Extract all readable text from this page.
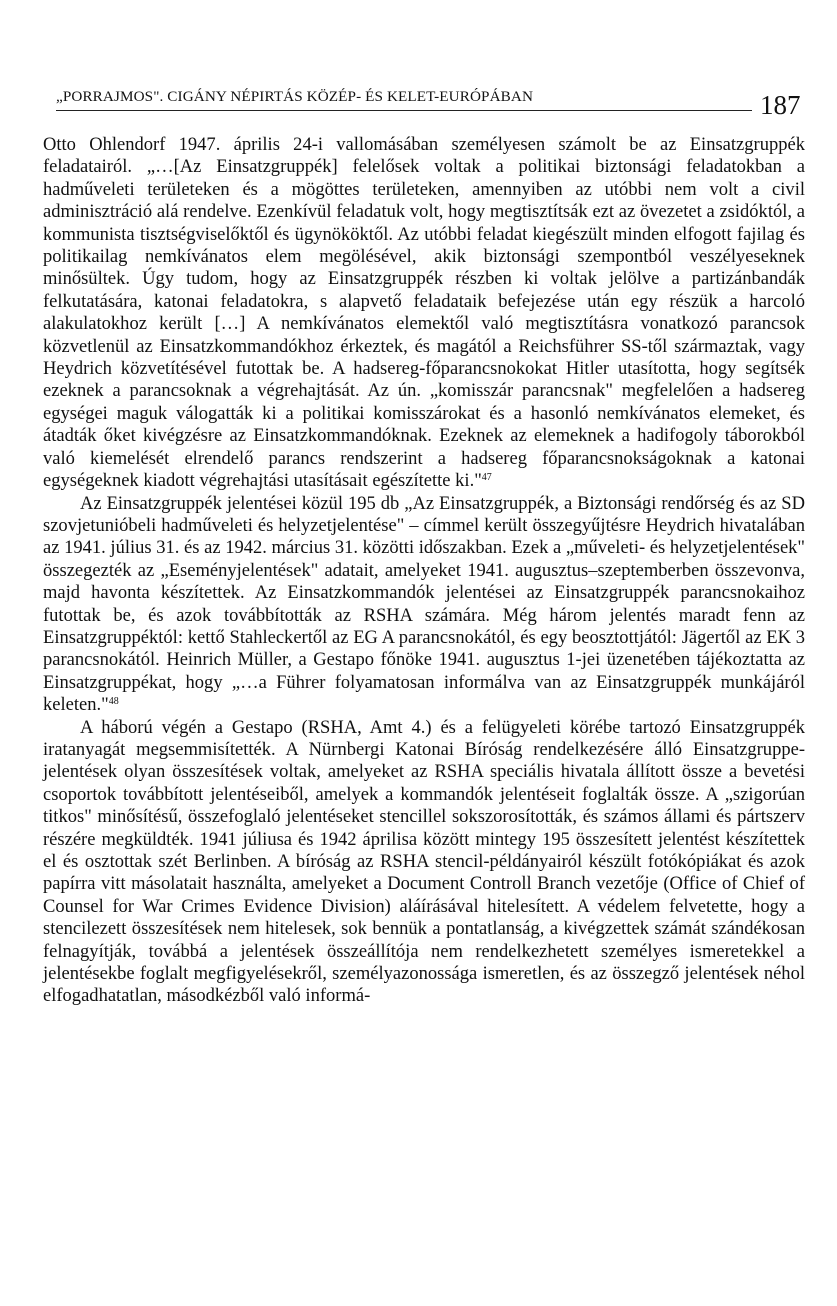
„PORRAJMOS". CIGÁNY NÉPIRTÁS KÖZÉP- ÉS KELET-EURÓPÁBAN	187

Otto Ohlendorf 1947. április 24-i vallomásában személyesen számolt be az Einsatzgruppék feladatairól. „…[Az Einsatzgruppék] felelősek voltak a politikai biztonsági feladatokban a hadműveleti területeken és a mögöttes területeken, amennyiben az utóbbi nem volt a civil adminisztráció alá rendelve. Ezenkívül feladatuk volt, hogy megtisztítsák ezt az övezetet a zsidóktól, a kommunista tisztségviselőktől és ügynököktől. Az utóbbi feladat kiegészült minden elfogott fajilag és politikailag nemkívánatos elem megölésével, akik biztonsági szempontból veszélyeseknek minősültek. Úgy tudom, hogy az Einsatzgruppék részben ki voltak jelölve a partizánbandák felkutatására, katonai feladatokra, s alapvető feladataik befejezése után egy részük a harcoló alakulatokhoz került […] A nemkívánatos elemektől való megtisztításra vonatkozó parancsok közvetlenül az Einsatzkommandókhoz érkeztek, és magától a Reichsführer SS-től származtak, vagy Heydrich közvetítésével futottak be. A hadsereg-főparancsnokokat Hitler utasította, hogy segítsék ezeknek a parancsoknak a végrehajtását. Az ún. „komisszár parancsnak" megfelelően a hadsereg egységei maguk válogatták ki a politikai komisszárokat és a hasonló nemkívánatos elemeket, és átadták őket kivégzésre az Einsatzkommandóknak. Ezeknek az elemeknek a hadifogoly táborokból való kiemelését elrendelő parancs rendszerint a hadsereg főparancsnokságoknak a katonai egységeknek kiadott végrehajtási utasításait egészítette ki."$^{47}$

Az Einsatzgruppék jelentései közül 195 db „Az Einsatzgruppék, a Biztonsági rendőrség és az SD szovjetunióbeli hadműveleti és helyzetjelentése" – címmel került összegyűjtésre Heydrich hivatalában az 1941. július 31. és az 1942. március 31. közötti időszakban. Ezek a „műveleti- és helyzetjelentések" összegezték az „Eseményjelentések" adatait, amelyeket 1941. augusztus–szeptemberben összevonva, majd havonta készítettek. Az Einsatzkommandók jelentései az Einsatzgruppék parancsnokaihoz futottak be, és azok továbbították az RSHA számára. Még három jelentés maradt fenn az Einsatzgruppéktól: kettő Stahleckertől az EG A parancsnokától, és egy beosztottjától: Jägertől az EK 3 parancsnokától. Heinrich Müller, a Gestapo főnöke 1941. augusztus 1-jei üzenetében tájékoztatta az Einsatzgruppékat, hogy „…a Führer folyamatosan informálva van az Einsatzgruppék munkájáról keleten."$^{48}$

A háború végén a Gestapo (RSHA, Amt 4.) és a felügyeleti körébe tartozó Einsatzgruppék iratanyagát megsemmisítették. A Nürnbergi Katonai Bíróság rendelkezésére álló Einsatzgruppe-jelentések olyan összesítések voltak, amelyeket az RSHA speciális hivatala állított össze a bevetési csoportok továbbított jelentéseiből, amelyek a kommandók jelentéseit foglalták össze. A „szigorúan titkos" minősítésű, összefoglaló jelentéseket stencillel sokszorosították, és számos állami és pártszerv részére megküldték. 1941 júliusa és 1942 áprilisa között mintegy 195 összesített jelentést készítettek el és osztottak szét Berlinben. A bíróság az RSHA stencil-példányairól készült fotókópiákat és azok papírra vitt másolatait használta, amelyeket a Document Controll Branch vezetője (Office of Chief of Counsel for War Crimes Evidence Division) aláírásával hitelesített. A védelem felvetette, hogy a stencilezett összesítések nem hitelesek, sok bennük a pontatlanság, a kivégzettek számát szándékosan felnagyítják, továbbá a jelentések összeállítója nem rendelkezhetett személyes ismeretekkel a jelentésekbe foglalt megfigyelésekről, személyazonossága ismeretlen, és az összegző jelentések néhol elfogadhatatlan, másodkézből való informá-
